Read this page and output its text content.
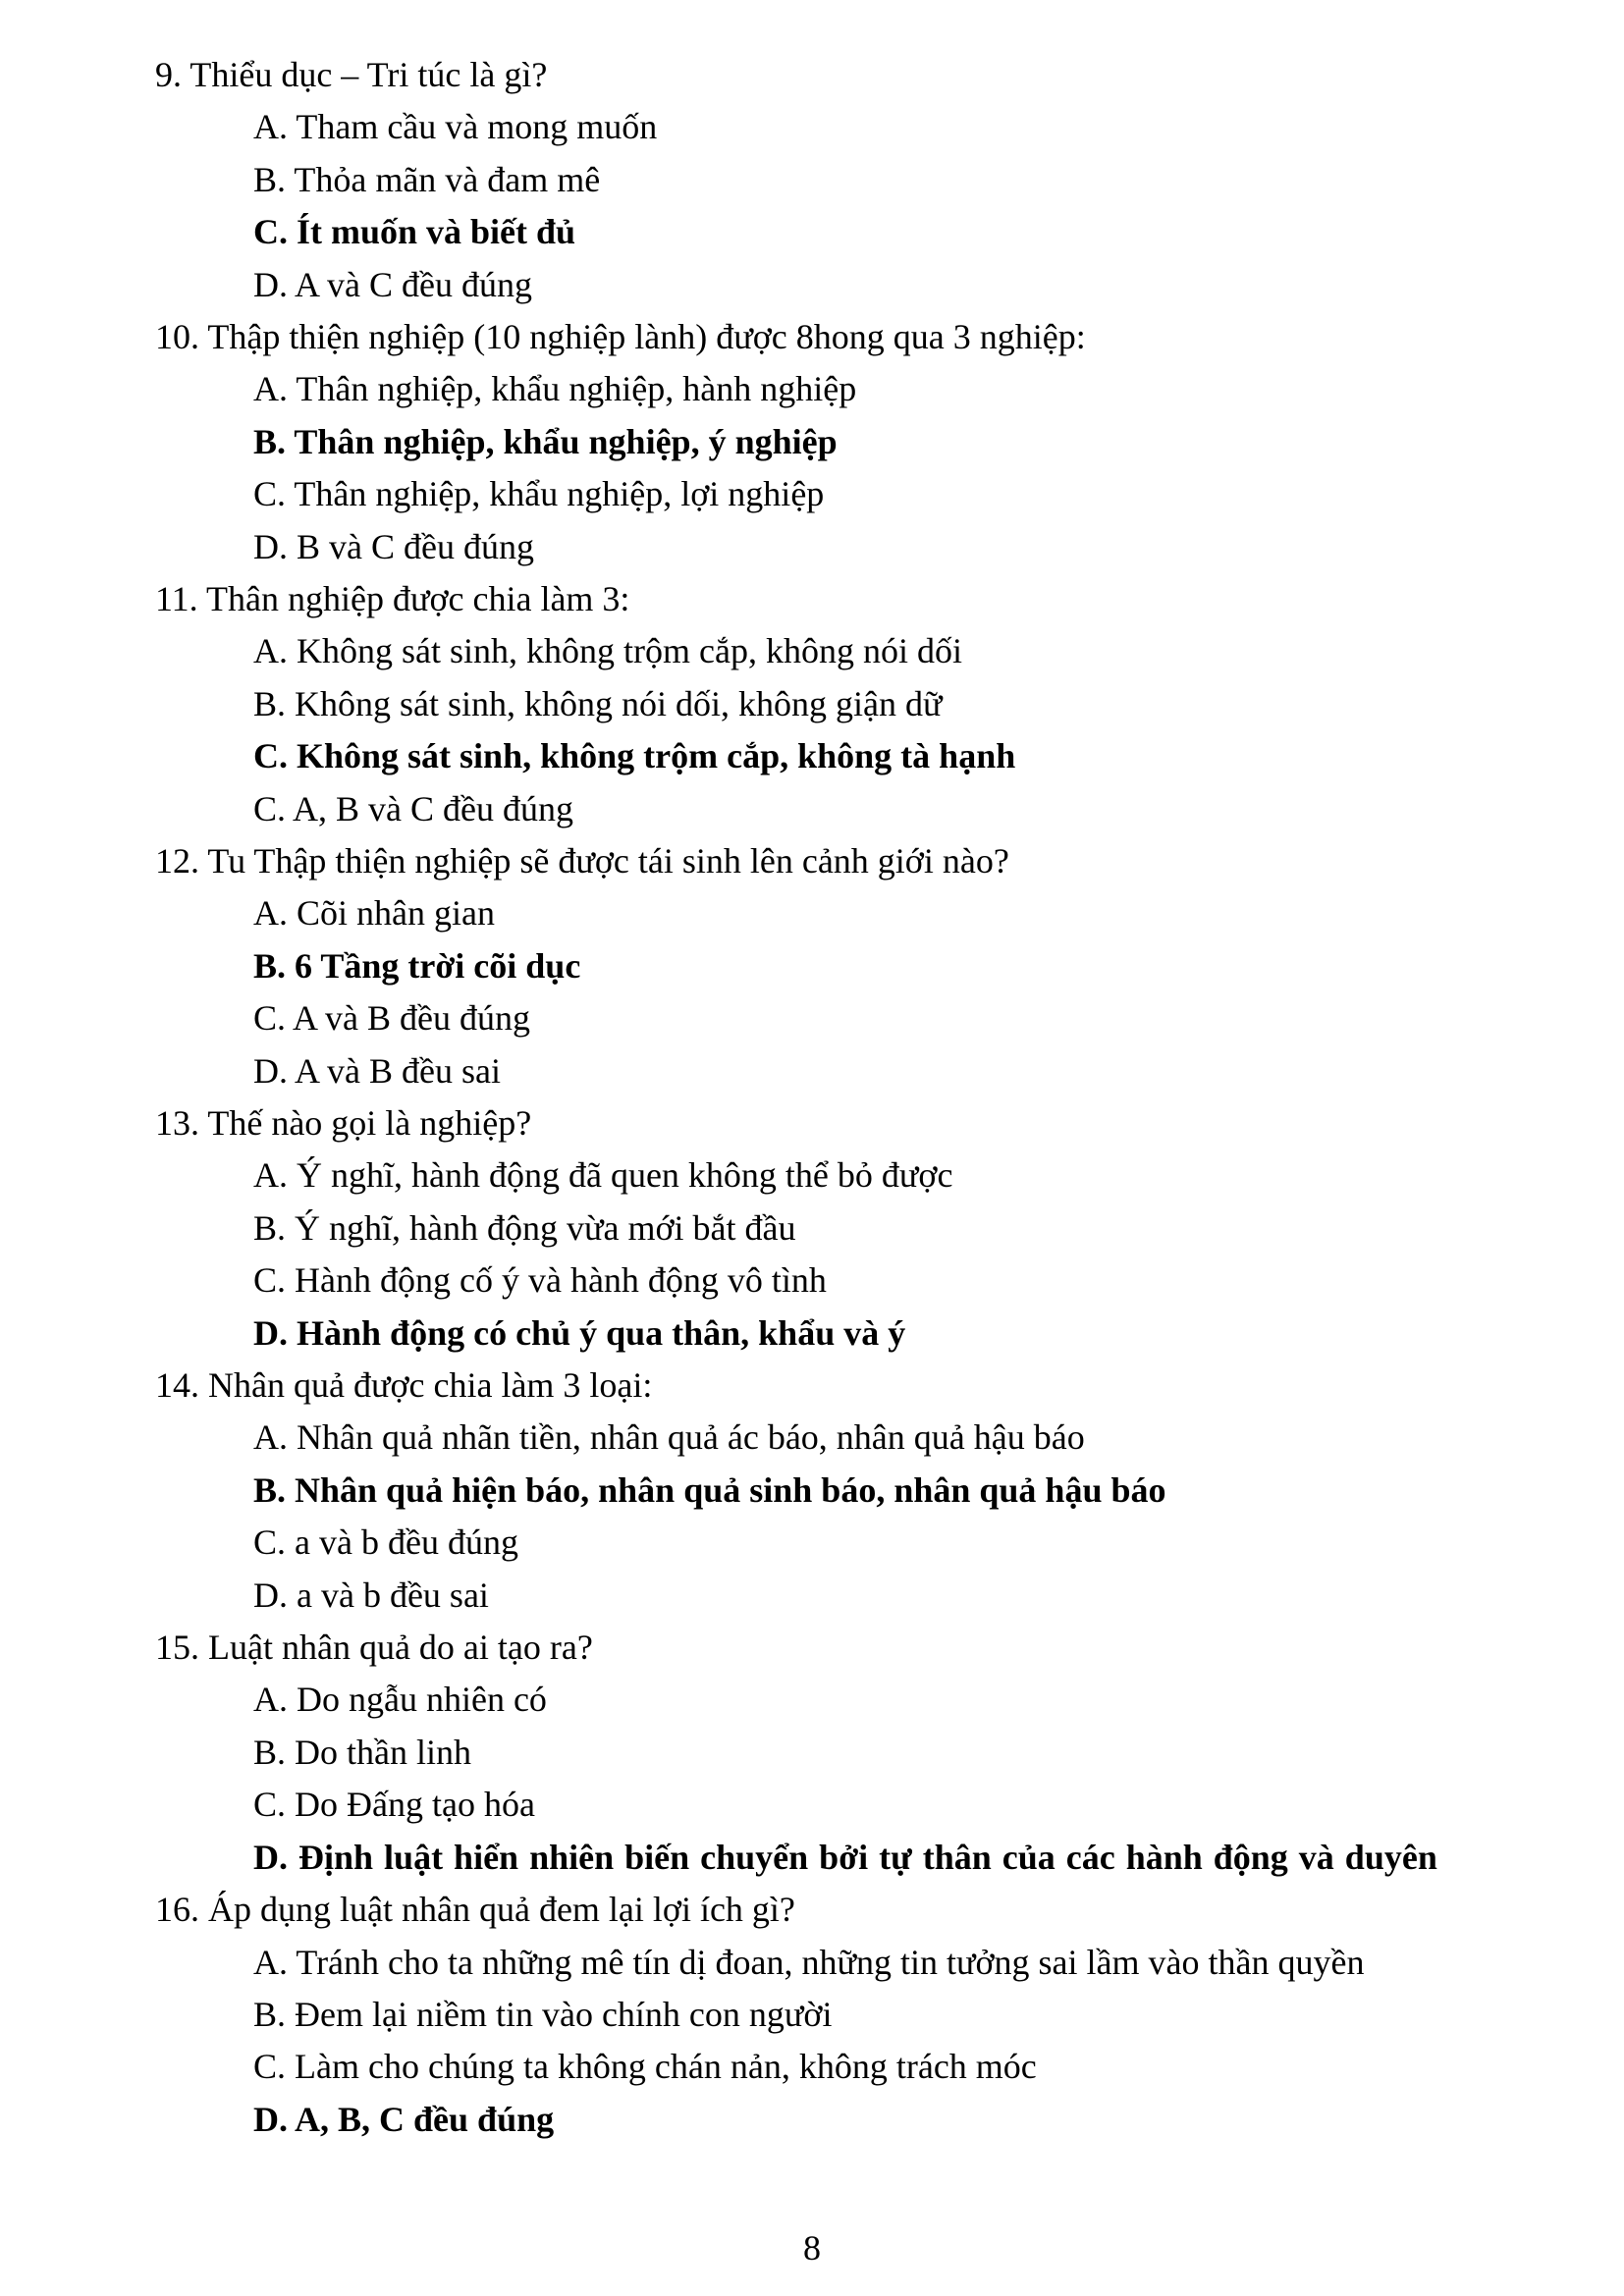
9. Thiểu dục – Tri túc là gì?
A. Tham cầu và mong muốn
B. Thỏa mãn và đam mê
C. Ít muốn và biết đủ
D. A và C đều đúng
10. Thập thiện nghiệp (10 nghiệp lành) được 8hong qua 3 nghiệp:
A. Thân nghiệp, khẩu nghiệp, hành nghiệp
B. Thân nghiệp, khẩu nghiệp, ý nghiệp
C. Thân nghiệp, khẩu nghiệp, lợi nghiệp
D. B và C đều đúng
11. Thân nghiệp được chia làm 3:
A. Không sát sinh, không trộm cắp, không nói dối
B. Không sát sinh, không nói dối, không giận dữ
C. Không sát sinh, không trộm cắp, không tà hạnh
C. A, B và C đều đúng
12. Tu Thập thiện nghiệp sẽ được tái sinh lên cảnh giới nào?
A. Cõi nhân gian
B. 6 Tầng trời cõi dục
C. A và B đều đúng
D. A và B đều sai
13. Thế nào gọi là nghiệp?
A. Ý nghĩ, hành động đã quen không thể bỏ được
B. Ý nghĩ, hành động vừa mới bắt đầu
C. Hành động cố ý và hành động vô tình
D. Hành động có chủ ý qua thân, khẩu và ý
14. Nhân quả được chia làm 3 loại:
A. Nhân quả nhãn tiền, nhân quả ác báo, nhân quả hậu báo
B. Nhân quả hiện báo, nhân quả sinh báo, nhân quả hậu báo
C. a và b đều đúng
D. a và b đều sai
15. Luật nhân quả do ai tạo ra?
A. Do ngẫu nhiên có
B. Do thần linh
C. Do Đấng tạo hóa
D. Định luật hiển nhiên biến chuyển bởi tự thân của các hành động và duyên
16. Áp dụng luật nhân quả đem lại lợi ích gì?
A. Tránh cho ta những mê tín dị đoan, những tin tưởng sai lầm vào thần quyền
B. Đem lại niềm tin vào chính con người
C. Làm cho chúng ta không chán nản, không trách móc
D. A, B, C đều đúng
8
